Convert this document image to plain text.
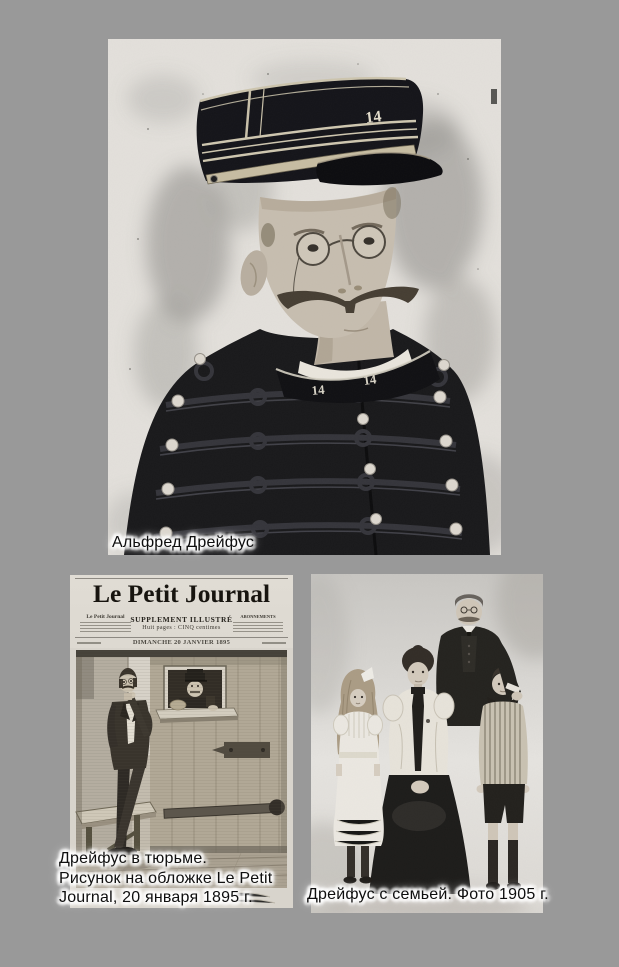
14
14
14
Le Petit Journal
Le Petit Journal SUPPLEMENT ILLUSTRÉ
Huit pages : CINQ centimes
ABONNEMENTS
DIMANCHE 20 JANVIER 1895
Альфред Дрейфус
Дрейфус в тюрьме.
Рисунок на обложке Le Petit
Journal, 20 января 1895 г.	Дрейфус с семьей. Фото 1905 г.
